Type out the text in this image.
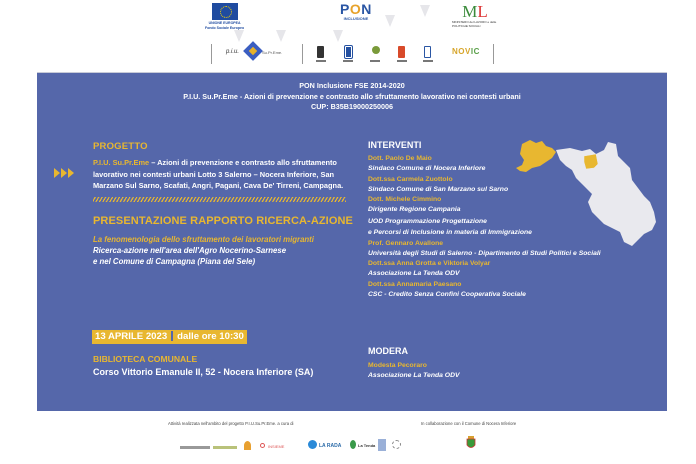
UNIONE EUROPEA
Fondo Sociale Europeo
PON
INCLUSIONE	ML
MINISTERO del LAVORO e delle POLITICHE SOCIALI
p.i.u.	Su.Pr.Eme.	NOVIC
PON Inclusione FSE 2014-2020
P.I.U. Su.Pr.Eme - Azioni di prevenzione e contrasto allo sfruttamento lavorativo nei contesti urbani
CUP: B35B19000250006
PROGETTO
P.I.U. Su.Pr.Eme – Azioni di prevenzione e contrasto allo sfruttamento
lavorativo nei contesti urbani Lotto 3 Salerno – Nocera Inferiore, San
Marzano Sul Sarno, Scafati, Angri, Pagani, Cava De' Tirreni, Campagna.
PRESENTAZIONE RAPPORTO RICERCA-AZIONE
La fenomenologia dello sfruttamento dei lavoratori migranti
Ricerca-azione nell'area dell'Agro Nocerino-Sarnese
e nel Comune di Campagna (Piana del Sele)
13 APRILE 2023 dalle ore 10:30
BIBLIOTECA COMUNALE
Corso Vittorio Emanule II, 52 - Nocera Inferiore (SA)
INTERVENTI
Dott. Paolo De Maio
Sindaco Comune di Nocera Inferiore
Dott.ssa Carmela Zuottolo
Sindaco Comune di San Marzano sul Sarno
Dott. Michele Cimmino
Dirigente Regione Campania
UOD Programmazione Progettazione
e Percorsi di Inclusione in materia di Immigrazione
Prof. Gennaro Avallone
Università degli Studi di Salerno - Dipartimento di Studi Politici e Sociali
Dott.ssa Anna Grotta e Viktoria Volyar
Associazione La Tenda ODV
Dott.ssa Annamaria Paesano
CSC - Credito Senza Confini Cooperativa Sociale
MODERA
Modesta Pecoraro
Associazione La Tenda ODV
Attività realizzata nell'ambito del progetto P.I.U.Su.Pr.Eme. a cura di	In collaborazione con il Comune di Nocera Inferiore
INSIEME	LA RADA	La Tenda
